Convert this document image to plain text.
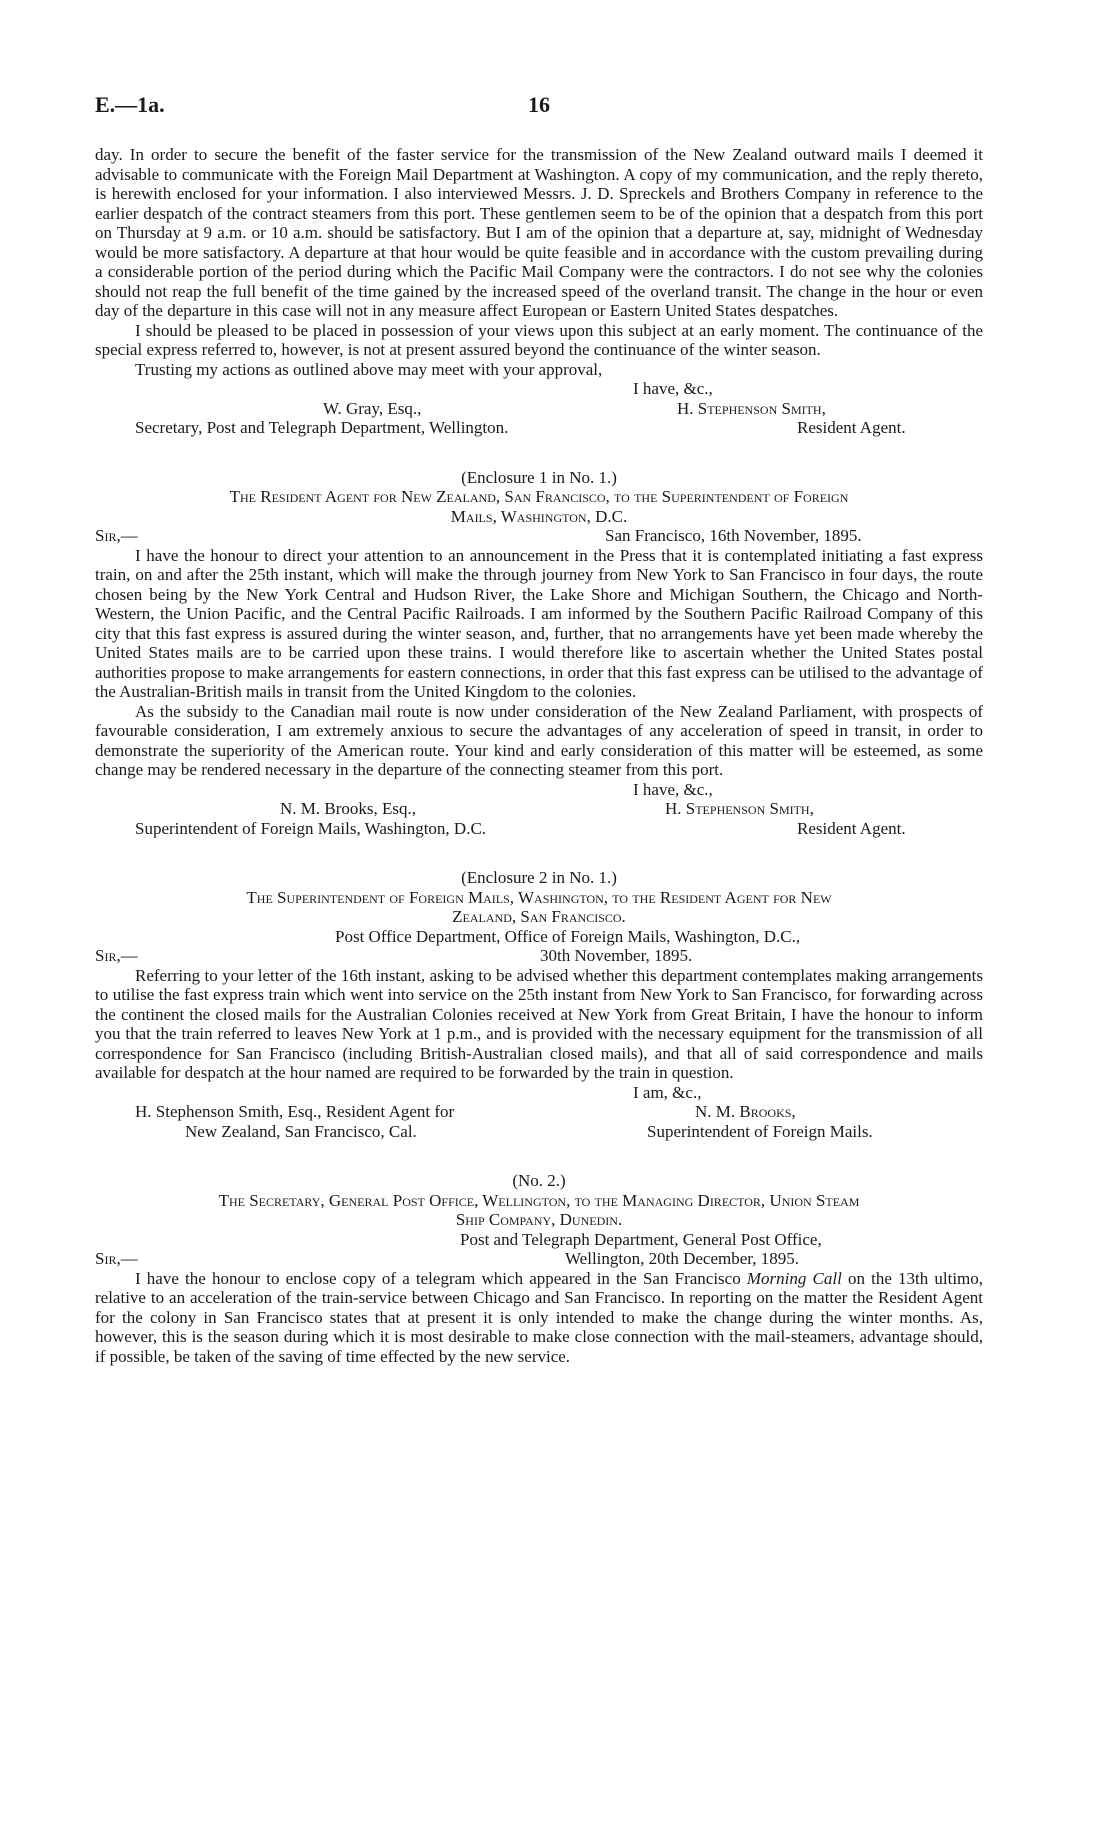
E.—1a.	16

day. In order to secure the benefit of the faster service for the transmission of the New Zealand outward mails I deemed it advisable to communicate with the Foreign Mail Department at Washington. A copy of my communication, and the reply thereto, is herewith enclosed for your information. I also interviewed Messrs. J. D. Spreckels and Brothers Company in reference to the earlier despatch of the contract steamers from this port. These gentlemen seem to be of the opinion that a despatch from this port on Thursday at 9 a.m. or 10 a.m. should be satisfactory. But I am of the opinion that a departure at, say, midnight of Wednesday would be more satisfactory. A departure at that hour would be quite feasible and in accordance with the custom prevailing during a considerable portion of the period during which the Pacific Mail Company were the contractors. I do not see why the colonies should not reap the full benefit of the time gained by the increased speed of the overland transit. The change in the hour or even day of the departure in this case will not in any measure affect European or Eastern United States despatches.

I should be pleased to be placed in possession of your views upon this subject at an early moment. The continuance of the special express referred to, however, is not at present assured beyond the continuance of the winter season.

Trusting my actions as outlined above may meet with your approval,

I have, &c.,
W. Gray, Esq.,	H. Stephenson Smith,
Secretary, Post and Telegraph Department, Wellington.	Resident Agent.
(Enclosure 1 in No. 1.)
The Resident Agent for New Zealand, San Francisco, to the Superintendent of Foreign
Mails, Washington, D.C.
Sir,—	San Francisco, 16th November, 1895.

I have the honour to direct your attention to an announcement in the Press that it is contemplated initiating a fast express train, on and after the 25th instant, which will make the through journey from New York to San Francisco in four days, the route chosen being by the New York Central and Hudson River, the Lake Shore and Michigan Southern, the Chicago and North-Western, the Union Pacific, and the Central Pacific Railroads. I am informed by the Southern Pacific Railroad Company of this city that this fast express is assured during the winter season, and, further, that no arrangements have yet been made whereby the United States mails are to be carried upon these trains. I would therefore like to ascertain whether the United States postal authorities propose to make arrangements for eastern connections, in order that this fast express can be utilised to the advantage of the Australian-British mails in transit from the United Kingdom to the colonies.

As the subsidy to the Canadian mail route is now under consideration of the New Zealand Parliament, with prospects of favourable consideration, I am extremely anxious to secure the advantages of any acceleration of speed in transit, in order to demonstrate the superiority of the American route. Your kind and early consideration of this matter will be esteemed, as some change may be rendered necessary in the departure of the connecting steamer from this port.

I have, &c.,
N. M. Brooks, Esq.,	H. Stephenson Smith,
Superintendent of Foreign Mails, Washington, D.C.	Resident Agent.
(Enclosure 2 in No. 1.)
The Superintendent of Foreign Mails, Washington, to the Resident Agent for New
Zealand, San Francisco.
Post Office Department, Office of Foreign Mails, Washington, D.C.,
Sir,—	30th November, 1895.

Referring to your letter of the 16th instant, asking to be advised whether this department contemplates making arrangements to utilise the fast express train which went into service on the 25th instant from New York to San Francisco, for forwarding across the continent the closed mails for the Australian Colonies received at New York from Great Britain, I have the honour to inform you that the train referred to leaves New York at 1 p.m., and is provided with the necessary equipment for the transmission of all correspondence for San Francisco (including British-Australian closed mails), and that all of said correspondence and mails available for despatch at the hour named are required to be forwarded by the train in question.

I am, &c.,
H. Stephenson Smith, Esq., Resident Agent for	N. M. Brooks,
New Zealand, San Francisco, Cal.	Superintendent of Foreign Mails.
(No. 2.)
The Secretary, General Post Office, Wellington, to the Managing Director, Union Steam
Ship Company, Dunedin.
Post and Telegraph Department, General Post Office,
Sir,—	Wellington, 20th December, 1895.

I have the honour to enclose copy of a telegram which appeared in the San Francisco Morning Call on the 13th ultimo, relative to an acceleration of the train-service between Chicago and San Francisco. In reporting on the matter the Resident Agent for the colony in San Francisco states that at present it is only intended to make the change during the winter months. As, however, this is the season during which it is most desirable to make close connection with the mail-steamers, advantage should, if possible, be taken of the saving of time effected by the new service.
